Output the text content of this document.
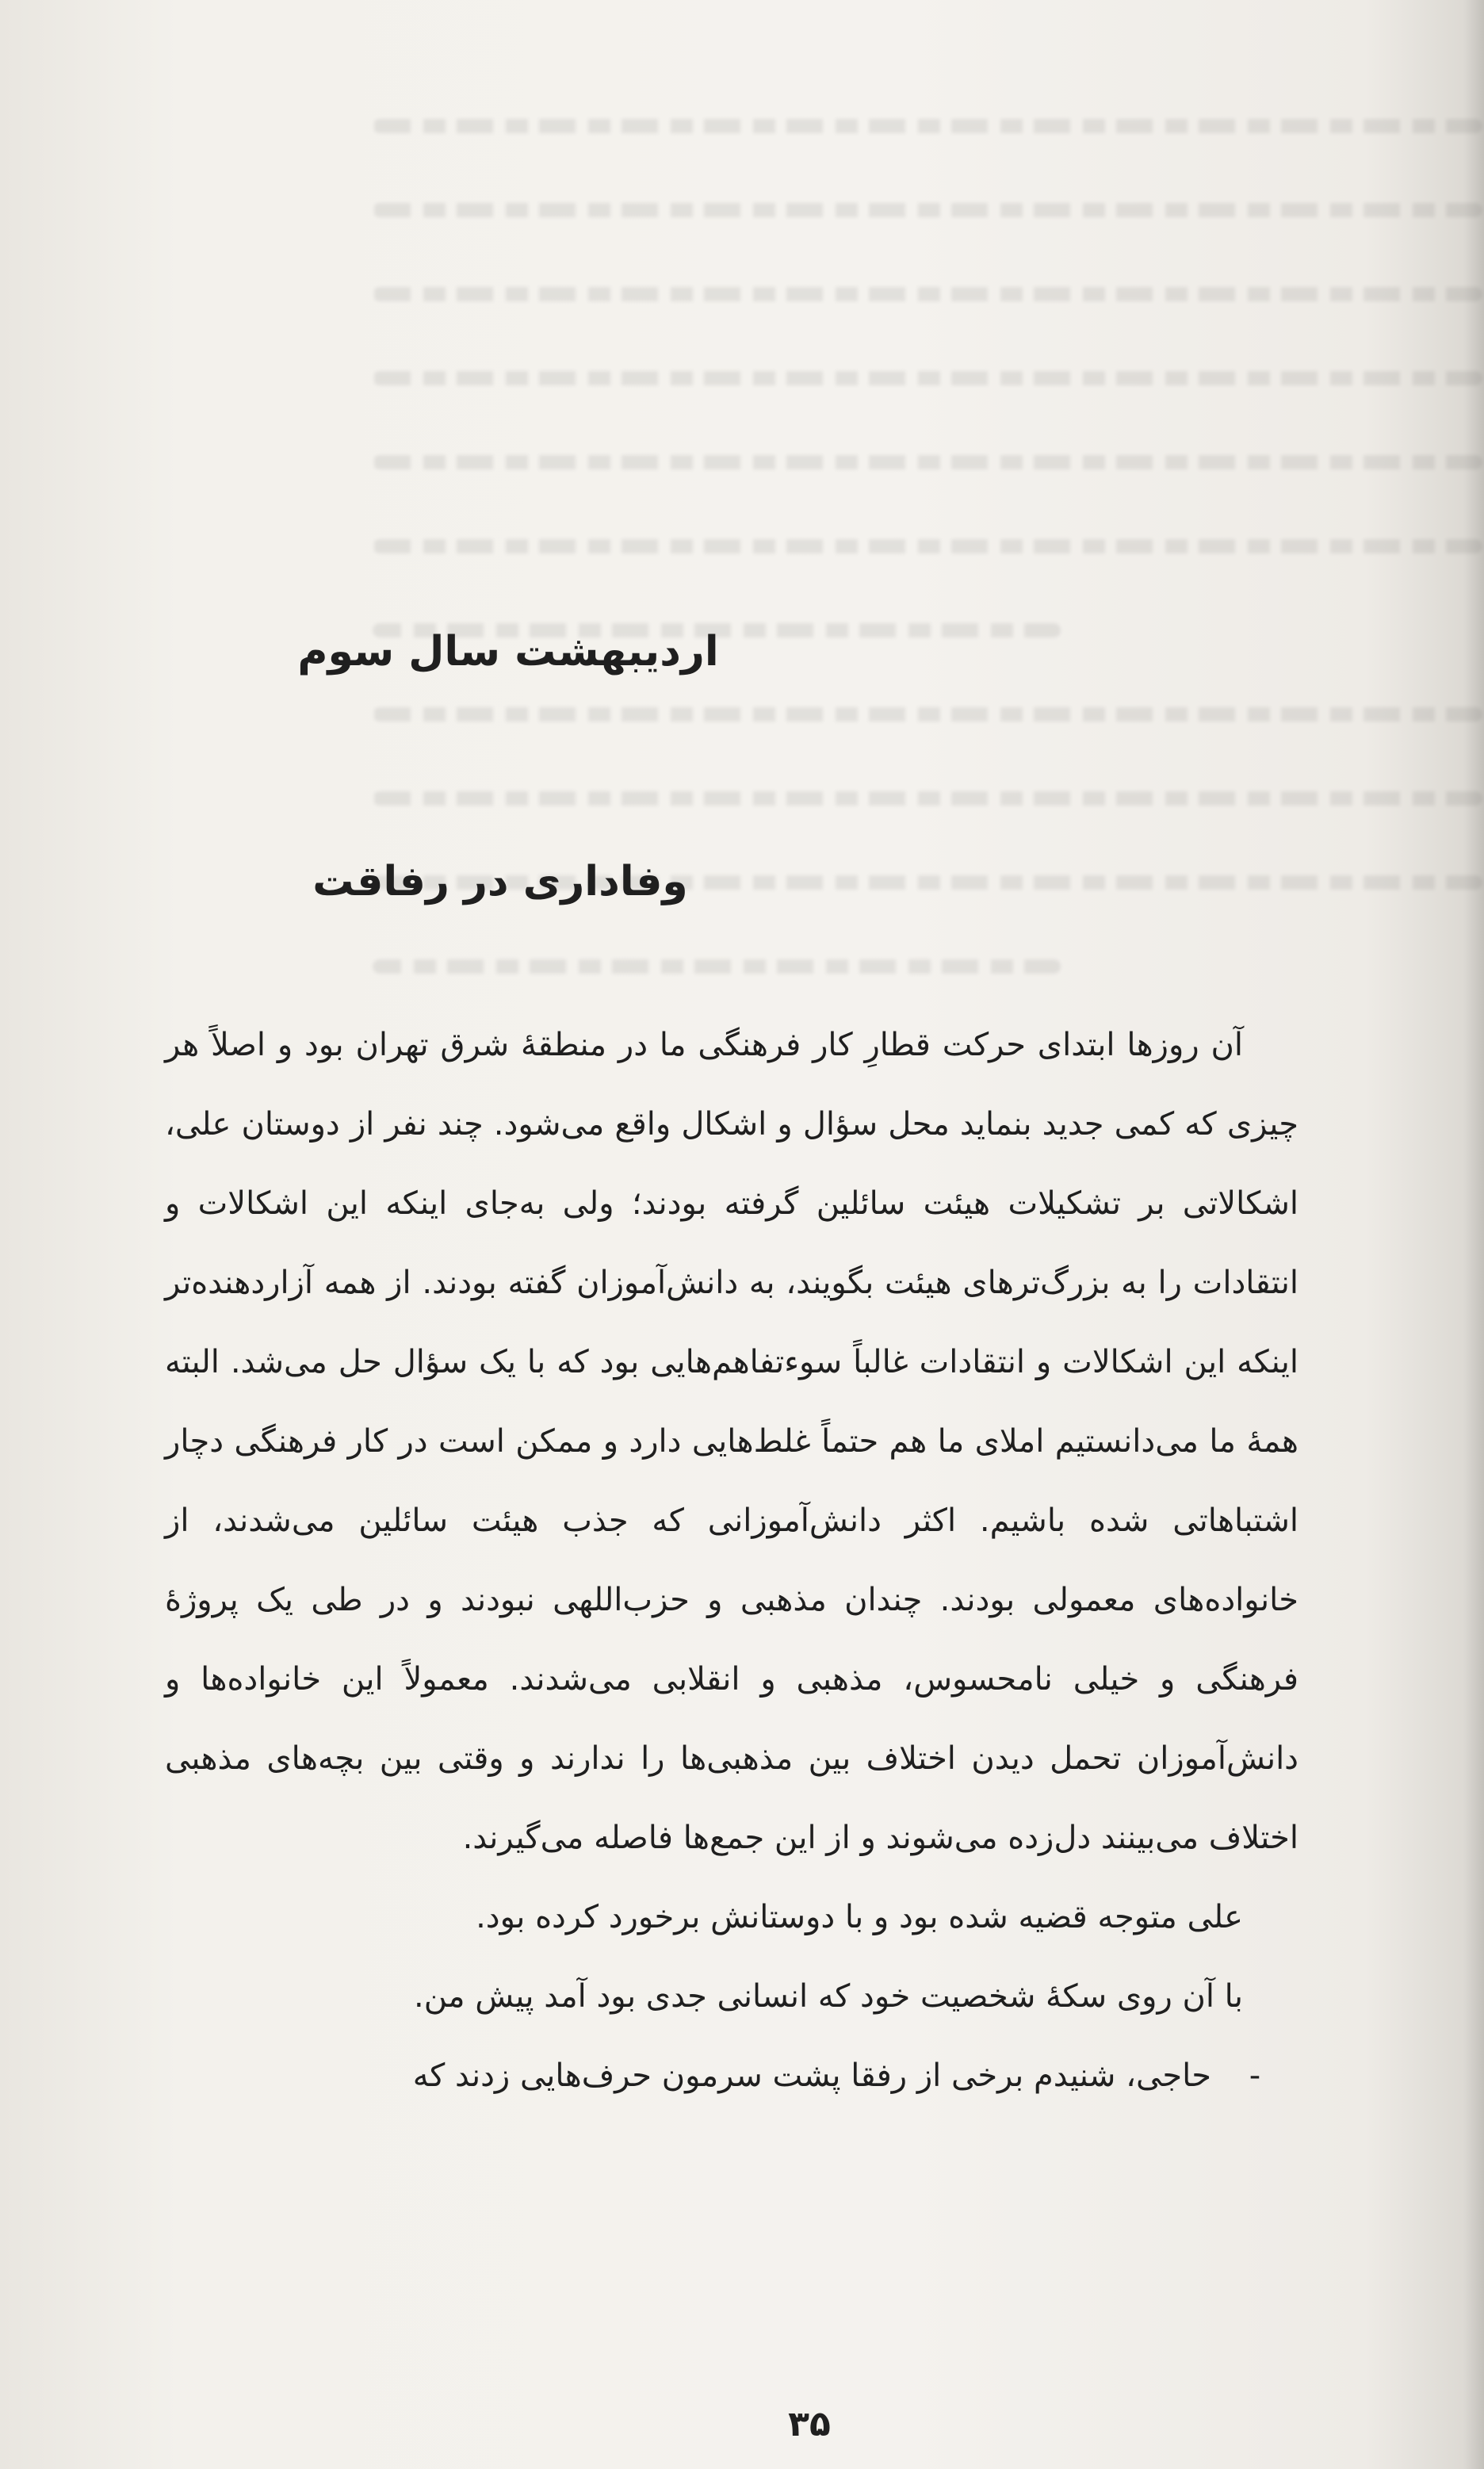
اردیبهشت سال سوم
وفاداری در رفاقت

آن روزها ابتدای حرکت قطارِ کار فرهنگی ما در منطقهٔ شرق تهران بود و اصلاً هر چیزی که کمی جدید بنماید محل سؤال و اشکال واقع می‌شود. چند نفر از دوستان علی، اشکالاتی بر تشکیلات هیئت سائلین گرفته بودند؛ ولی به‌جای اینکه این اشکالات و انتقادات را به بزرگ‌ترهای هیئت بگویند، به دانش‌آموزان گفته بودند. از همه آزاردهنده‌تر اینکه این اشکالات و انتقادات غالباً سوءتفاهم‌هایی بود که با یک سؤال حل می‌شد. البته همهٔ ما می‌دانستیم املای ما هم حتماً غلط‌هایی دارد و ممکن است در کار فرهنگی دچار اشتباهاتی شده باشیم. اکثر دانش‌آموزانی که جذب هیئت سائلین می‌شدند، از خانواده‌های معمولی بودند. چندان مذهبی و حزب‌اللهی نبودند و در طی یک پروژهٔ فرهنگی و خیلی نامحسوس، مذهبی و انقلابی می‌شدند. معمولاً این خانواده‌ها و دانش‌آموزان تحمل دیدن اختلاف بین مذهبی‌ها را ندارند و وقتی بین بچه‌های مذهبی اختلاف می‌بینند دل‌زده می‌شوند و از این جمع‌ها فاصله می‌گیرند.

علی متوجه قضیه شده بود و با دوستانش برخورد کرده بود.

با آن روی سکهٔ شخصیت خود که انسانی جدی بود آمد پیش من.

-
حاجی، شنیدم برخی از رفقا پشت سرمون حرف‌هایی زدند که
۳۵
